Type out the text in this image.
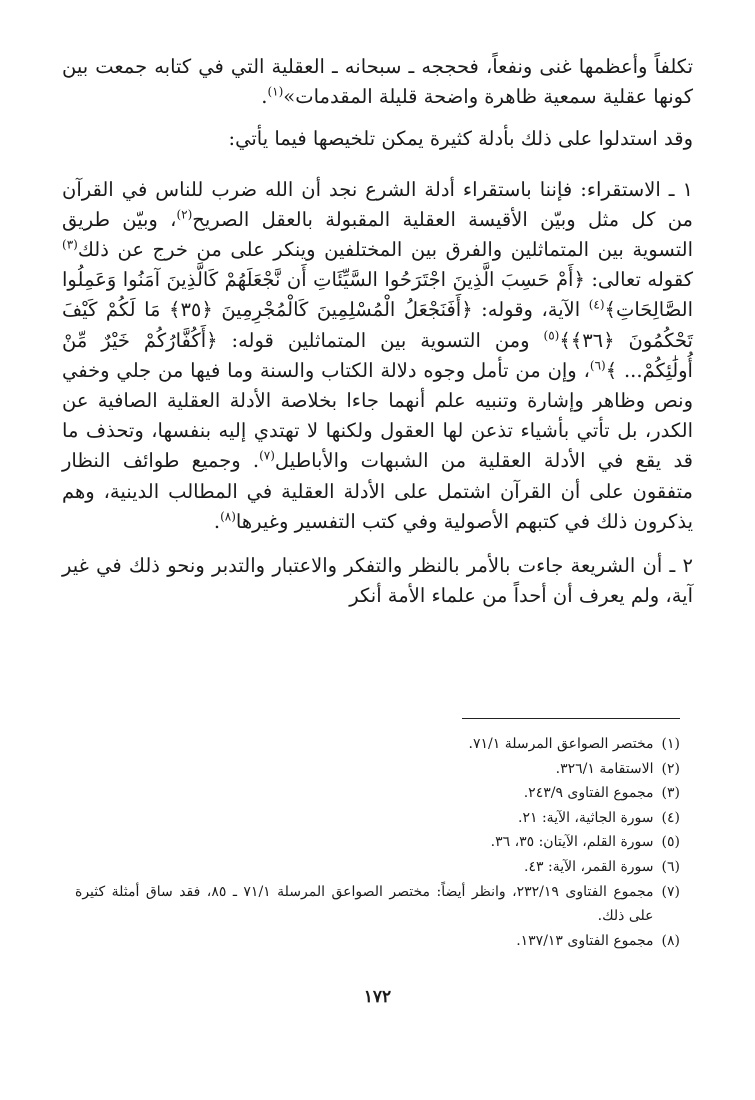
تكلفاً وأعظمها غنى ونفعاً، فحججه ـ سبحانه ـ العقلية التي في كتابه جمعت بين كونها عقلية سمعية ظاهرة واضحة قليلة المقدمات»$^{(١)}$.

وقد استدلوا على ذلك بأدلة كثيرة يمكن تلخيصها فيما يأتي:

١ ـ الاستقراء: فإننا باستقراء أدلة الشرع نجد أن الله ضرب للناس في القرآن من كل مثل وبيّن الأقيسة العقلية المقبولة بالعقل الصريح$^{(٢)}$، وبيّن طريق التسوية بين المتماثلين والفرق بين المختلفين وينكر على من خرج عن ذلك$^{(٣)}$ كقوله تعالى: ﴿أَمْ حَسِبَ الَّذِينَ اجْتَرَحُوا السَّيِّئَاتِ أَن نَّجْعَلَهُمْ كَالَّذِينَ آمَنُوا وَعَمِلُوا الصَّالِحَاتِ﴾$^{(٤)}$ الآية، وقوله: ﴿أَفَنَجْعَلُ الْمُسْلِمِينَ كَالْمُجْرِمِينَ ﴿٣٥﴾ مَا لَكُمْ كَيْفَ تَحْكُمُونَ ﴿٣٦﴾﴾$^{(٥)}$ ومن التسوية بين المتماثلين قوله: ﴿أَكُفَّارُكُمْ خَيْرٌ مِّنْ أُولَٰئِكُمْ... ﴾$^{(٦)}$، وإن من تأمل وجوه دلالة الكتاب والسنة وما فيها من جلي وخفي ونص وظاهر وإشارة وتنبيه علم أنهما جاءا بخلاصة الأدلة العقلية الصافية عن الكدر، بل تأتي بأشياء تذعن لها العقول ولكنها لا تهتدي إليه بنفسها، وتحذف ما قد يقع في الأدلة العقلية من الشبهات والأباطيل$^{(٧)}$. وجميع طوائف النظار متفقون على أن القرآن اشتمل على الأدلة العقلية في المطالب الدينية، وهم يذكرون ذلك في كتبهم الأصولية وفي كتب التفسير وغيرها$^{(٨)}$.

٢ ـ أن الشريعة جاءت بالأمر بالنظر والتفكر والاعتبار والتدبر ونحو ذلك في غير آية، ولم يعرف أن أحداً من علماء الأمة أنكر

(١)
مختصر الصواعق المرسلة ٧١/١.
(٢)
الاستقامة ٣٢٦/١.
(٣)
مجموع الفتاوى ٢٤٣/٩.
(٤)
سورة الجاثية، الآية: ٢١.
(٥)
سورة القلم، الآيتان: ٣٥، ٣٦.
(٦)
سورة القمر، الآية: ٤٣.
(٧)
مجموع الفتاوى ٢٣٢/١٩، وانظر أيضاً: مختصر الصواعق المرسلة ٧١/١ ـ ٨٥، فقد ساق أمثلة كثيرة على ذلك.
(٨)
مجموع الفتاوى ١٣٧/١٣.
١٧٢
